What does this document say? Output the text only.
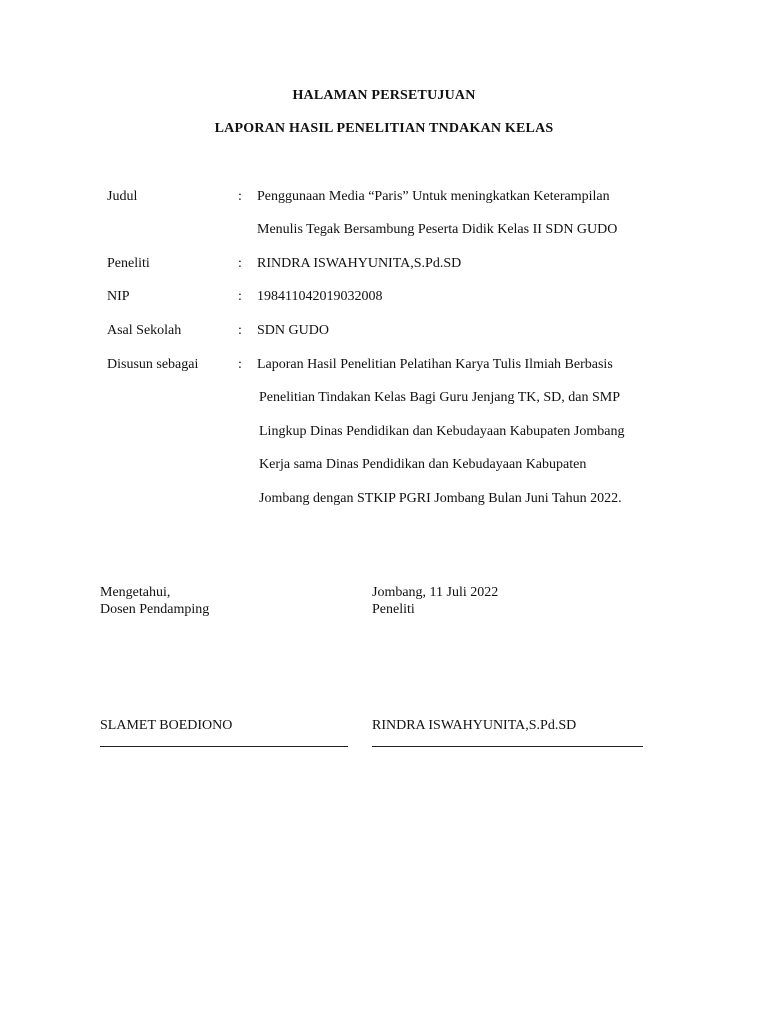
HALAMAN PERSETUJUAN
LAPORAN HASIL PENELITIAN TNDAKAN KELAS
Judul	: Penggunaan Media “Paris” Untuk meningkatkan Keterampilan
Menulis Tegak Bersambung Peserta Didik Kelas II SDN GUDO
Peneliti	: RINDRA ISWAHYUNITA,S.Pd.SD
NIP	: 198411042019032008
Asal Sekolah	: SDN GUDO
Disusun sebagai	: Laporan Hasil Penelitian Pelatihan Karya Tulis Ilmiah Berbasis
Penelitian Tindakan Kelas Bagi Guru Jenjang TK, SD, dan SMP
Lingkup Dinas Pendidikan dan Kebudayaan Kabupaten Jombang
Kerja sama Dinas Pendidikan dan Kebudayaan Kabupaten
Jombang dengan STKIP PGRI Jombang Bulan Juni Tahun 2022.
Mengetahui,
Dosen Pendamping
Jombang, 11 Juli 2022
Peneliti
SLAMET BOEDIONO	RINDRA ISWAHYUNITA,S.Pd.SD
